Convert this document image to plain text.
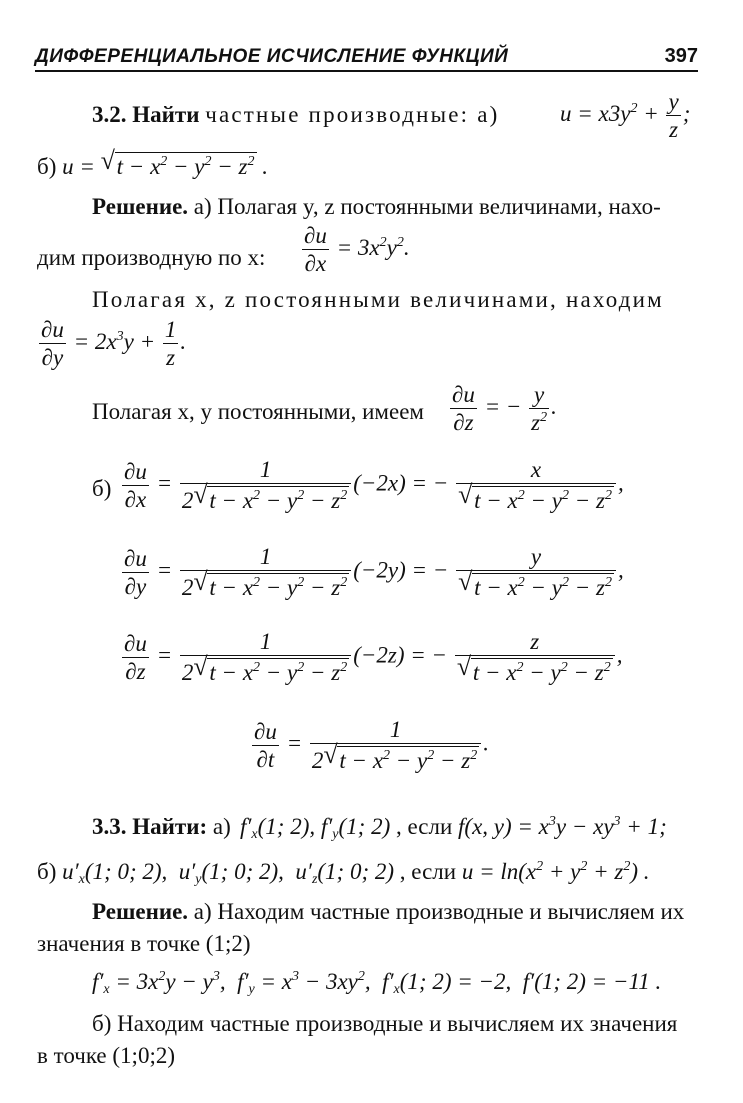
ДИФФЕРЕНЦИАЛЬНОЕ ИСЧИСЛЕНИЕ ФУНКЦИЙ	397
3.2. Найти частные производные: а)	$u = x3y^2 + \frac{y}{z}$ ;
б) u = √ $t - x^2 - y^2 - z^2$ .
Решение. а) Полагая y, z постоянными величинами, нахо-
дим производную по x: $\frac{\partial u}{\partial x} = 3x^2y^2$.
Полагая x, z постоянными величинами, находим
$\frac{\partial u}{\partial y} = 2x^3y + \frac{1}{z}$ .
Полагая x, y постоянными, имеем $\frac{\partial u}{\partial z}$ = − $\frac{y}{z^2}$ .
$б) \frac{\partial u}{\partial x} = \frac{1}{2 √ t - x^2 - y^2 - z^2} (-2x)$ = − $\frac{x}{√ t - x^2 - y^2 - z^2}$ ,
$\frac{\partial u}{\partial y} = \frac{1}{2 √ t - x^2 - y^2 - z^2} (-2y)$ = − $\frac{y}{√ t - x^2 - y^2 - z^2}$ ,
$\frac{\partial u}{\partial z} = \frac{1}{2 √ t - x^2 - y^2 - z^2} (-2z)$ = − $\frac{z}{√ t - x^2 - y^2 - z^2}$ ,
$\frac{\partial u}{\partial t} = \frac{1}{2 √ t - x^2 - y^2 - z^2}$ .
3.3. Найти: а) $f'_x(1$; 2), $f'_y(1$; 2) , если f(x, $y) = x^3y - xy^3 + 1$;
б) $u'_x(1$; 0; 2),  $u'_y(1$; 0; 2),  $u'_z(1$; 0; 2) , если $u = \ln(x^2 + y^2 + z^2)$ .
Решение. а) Находим частные производные и вычисляем их
значения в точке (1;2)
$f'_x = 3x^2y - y^3$,  $f'_y = x^3 - 3xy^2$,  $f'_x(1$; 2) = −2,  f′(1; 2) = −11 .
б) Находим частные производные и вычисляем их значения
в точке (1;0;2)
